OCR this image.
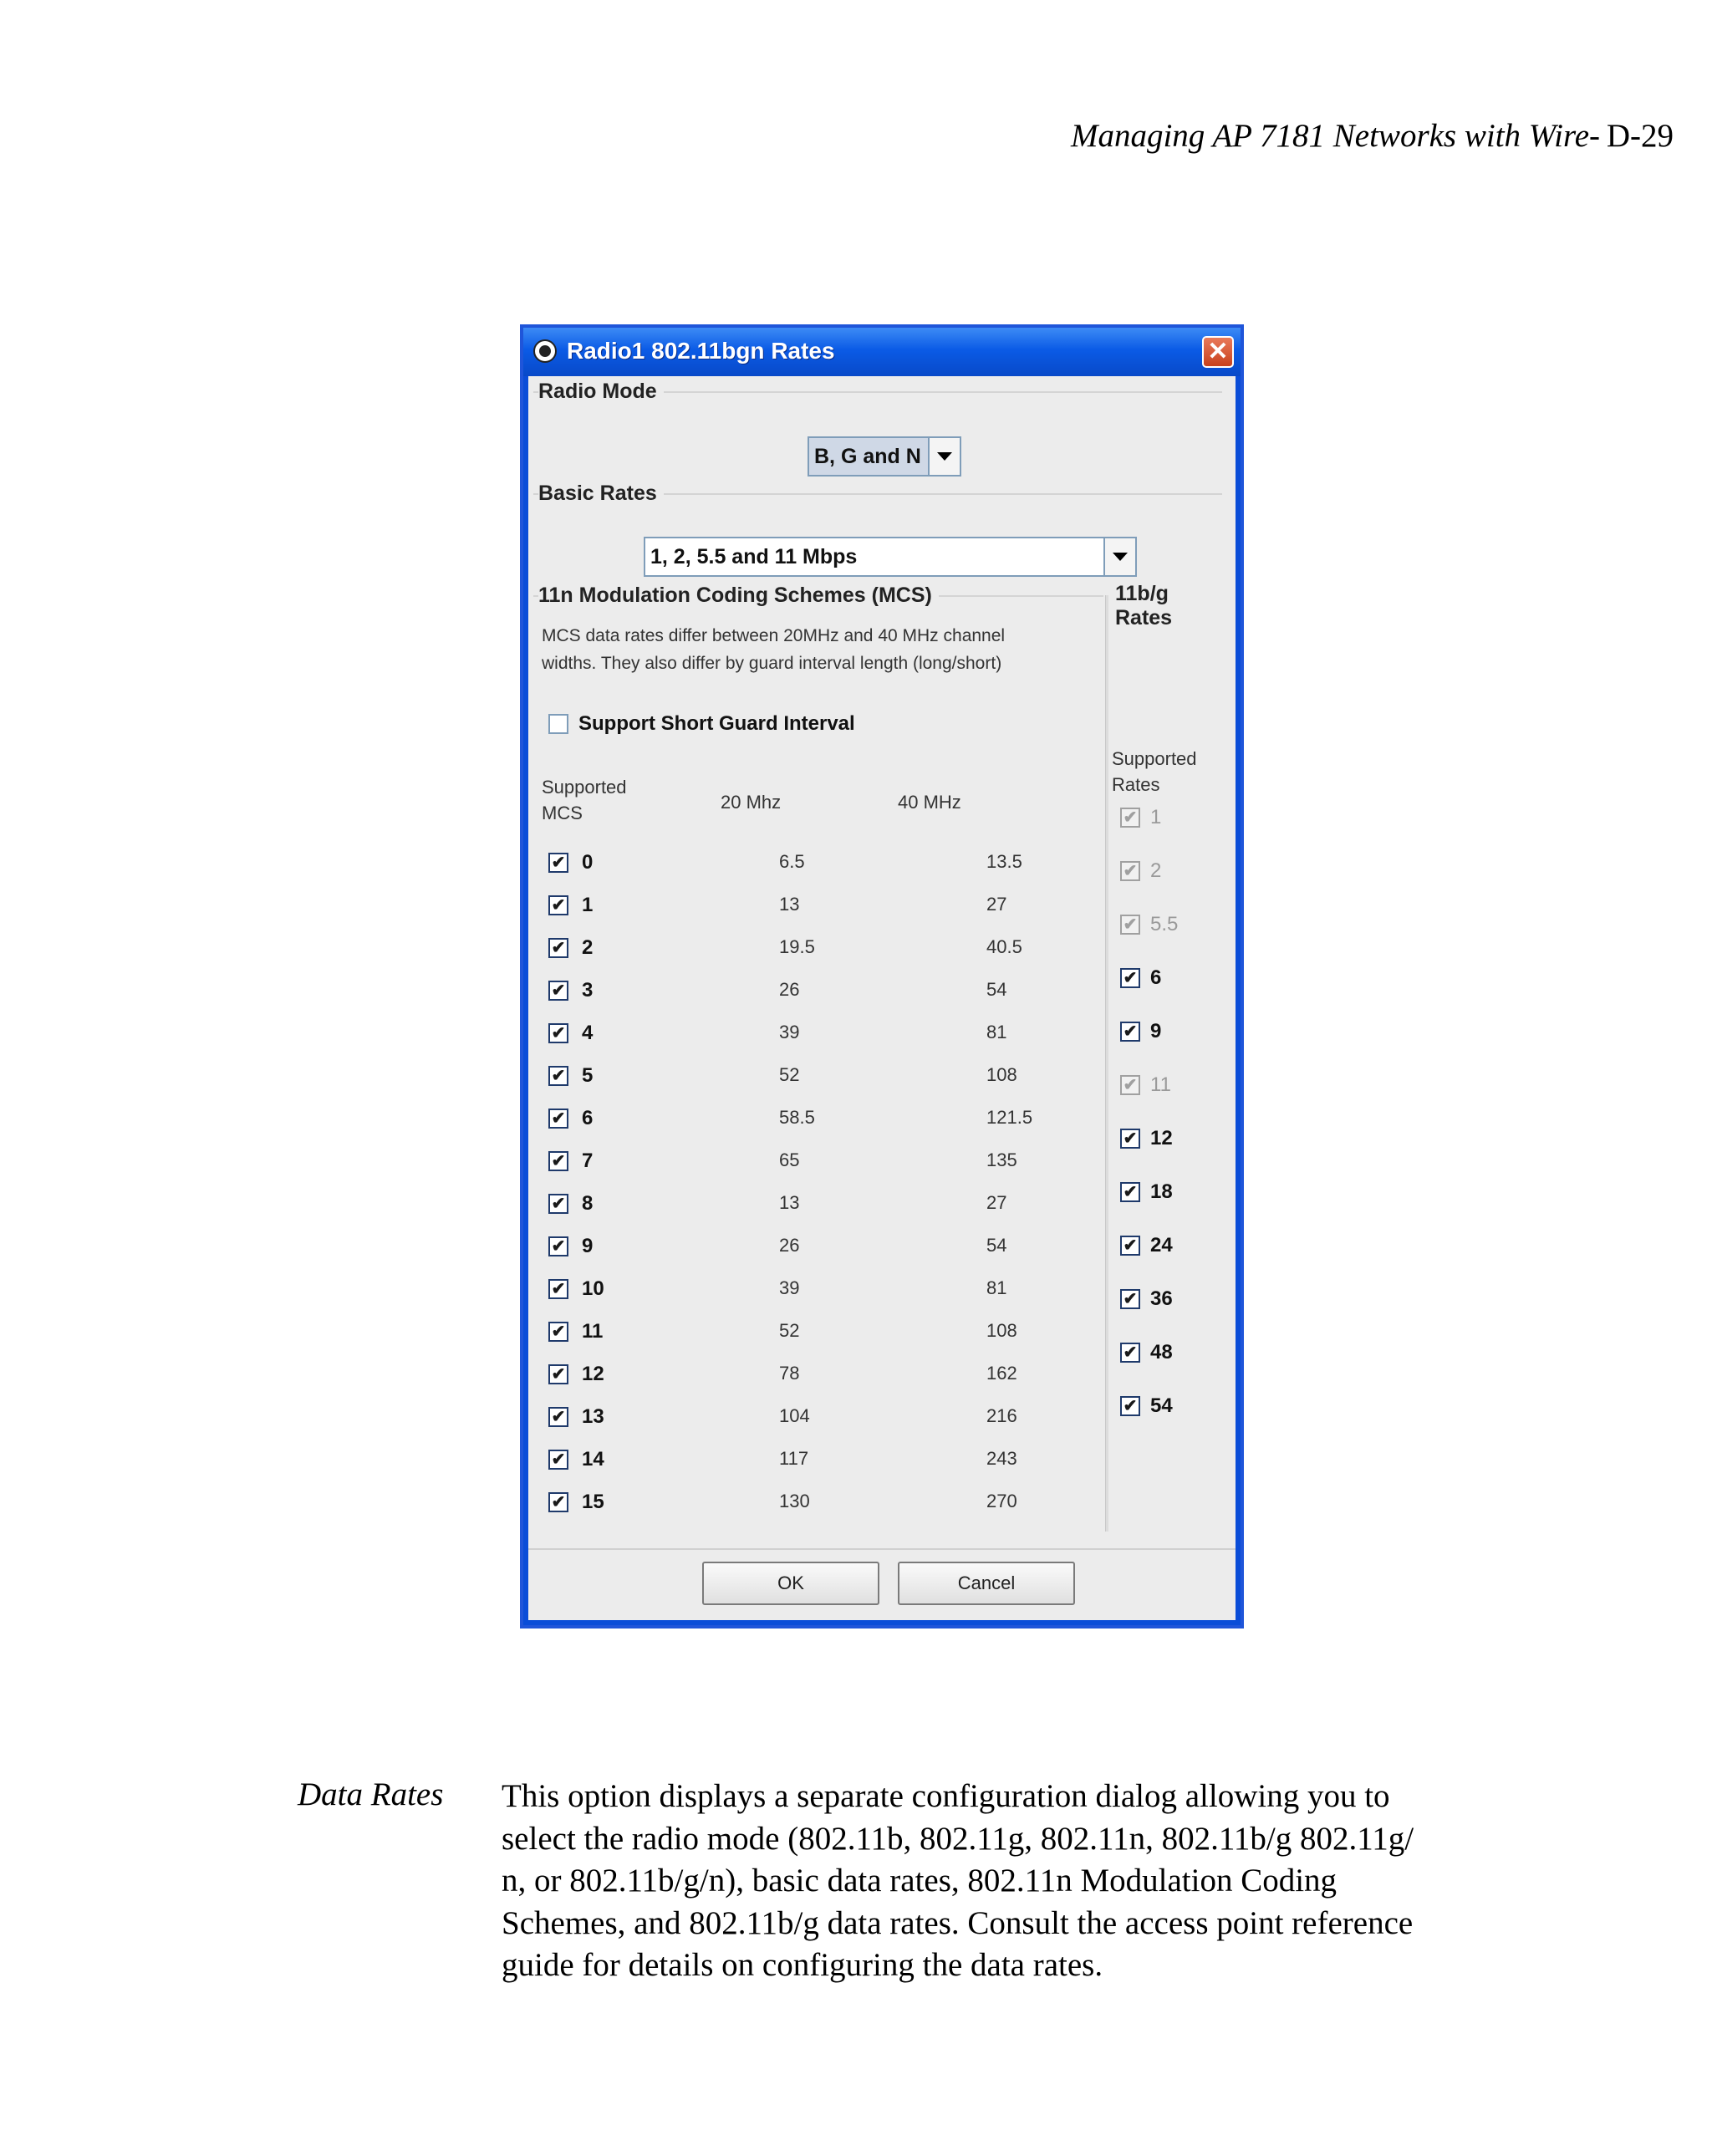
Managing AP 7181 Networks with Wire- D-29
Radio1 802.11bgn Rates	✕
Radio Mode
B, G and N
Basic Rates
1, 2, 5.5 and 11 Mbps
11n Modulation Coding Schemes (MCS)
MCS data rates differ between 20MHz and 40 MHz channel
widths. They also differ by guard interval length (long/short)
Support Short Guard Interval
Supported
MCS
20 Mhz	40 MHz
✔ 0	6.5	13.5
✔ 1	13	27
✔ 2	19.5	40.5
✔ 3	26	54
✔ 4	39	81
✔ 5	52	108
✔ 6	58.5	121.5
✔ 7	65	135
✔ 8	13	27
✔ 9	26	54
✔ 10	39	81
✔ 11	52	108
✔ 12	78	162
✔ 13	104	216
✔ 14	117	243
✔ 15	130	270
11b/g Rates
Supported
Rates
✔ 1
✔ 2
✔ 5.5
✔ 6
✔ 9
✔ 11
✔ 12
✔ 18
✔ 24
✔ 36
✔ 48
✔ 54
OK	Cancel
Data Rates This option displays a separate configuration dialog allowing you to
select the radio mode (802.11b, 802.11g, 802.11n, 802.11b/g 802.11g/
n, or 802.11b/g/n), basic data rates, 802.11n Modulation Coding
Schemes, and 802.11b/g data rates. Consult the access point reference
guide for details on configuring the data rates.
